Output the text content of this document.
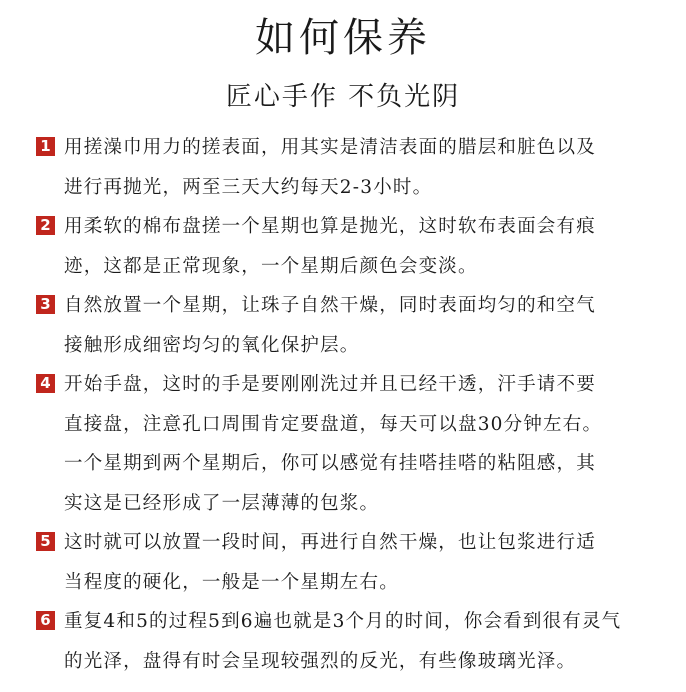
如何保养
匠心手作 不负光阴
1 用搓澡巾用力的搓表面，用其实是清洁表面的腊层和脏色以及
进行再抛光，两至三天大约每天2-3小时。
2 用柔软的棉布盘搓一个星期也算是抛光，这时软布表面会有痕
迹，这都是正常现象，一个星期后颜色会变淡。
3 自然放置一个星期，让珠子自然干燥，同时表面均匀的和空气
接触形成细密均匀的氧化保护层。
4 开始手盘，这时的手是要刚刚洗过并且已经干透，汗手请不要
直接盘，注意孔口周围肯定要盘道，每天可以盘30分钟左右。
一个星期到两个星期后，你可以感觉有挂嗒挂嗒的粘阻感，其
实这是已经形成了一层薄薄的包浆。
5 这时就可以放置一段时间，再进行自然干燥，也让包浆进行适
当程度的硬化，一般是一个星期左右。
6 重复4和5的过程5到6遍也就是3个月的时间，你会看到很有灵气
的光泽，盘得有时会呈现较强烈的反光，有些像玻璃光泽。
